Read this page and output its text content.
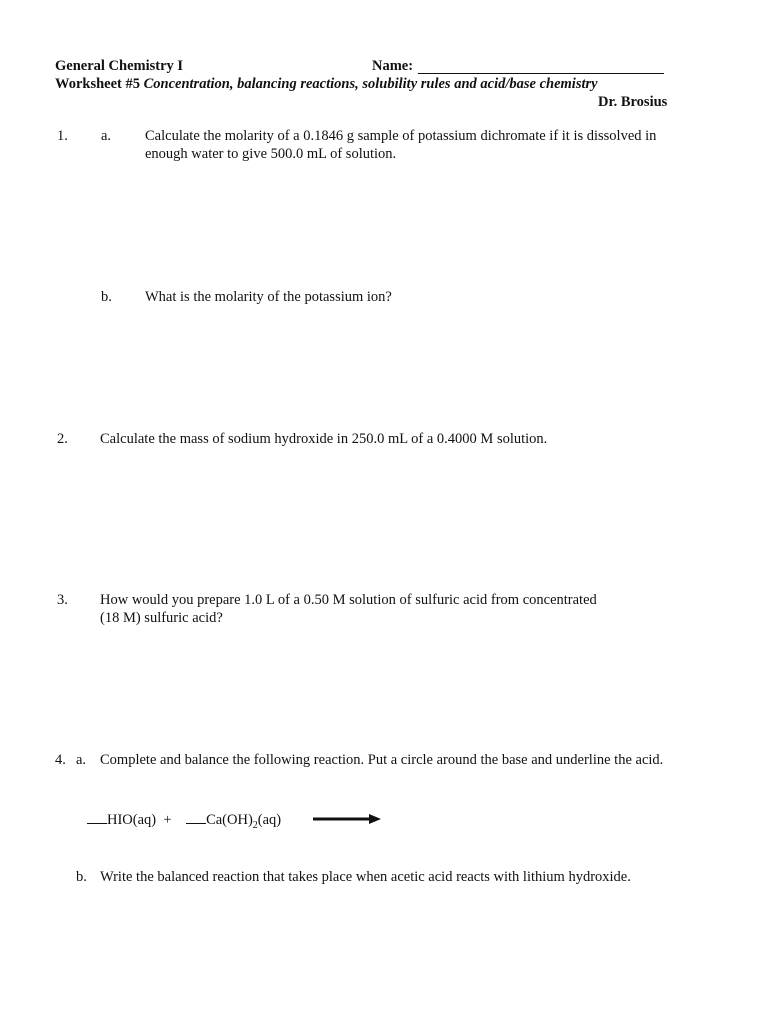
General Chemistry I	Name:
Worksheet #5 Concentration, balancing reactions, solubility rules and acid/base chemistry
Dr. Brosius
1. a. Calculate the molarity of a 0.1846 g sample of potassium dichromate if it is dissolved in
enough water to give 500.0 mL of solution.
b. What is the molarity of the potassium ion?
2. Calculate the mass of sodium hydroxide in 250.0 mL of a 0.4000 M solution.
3. How would you prepare 1.0 L of a 0.50 M solution of sulfuric acid from concentrated
(18 M) sulfuric acid?
4. a. Complete and balance the following reaction. Put a circle around the base and underline the acid.
$HIO(aq) + Ca(OH)_2(aq)$
b. Write the balanced reaction that takes place when acetic acid reacts with lithium hydroxide.
